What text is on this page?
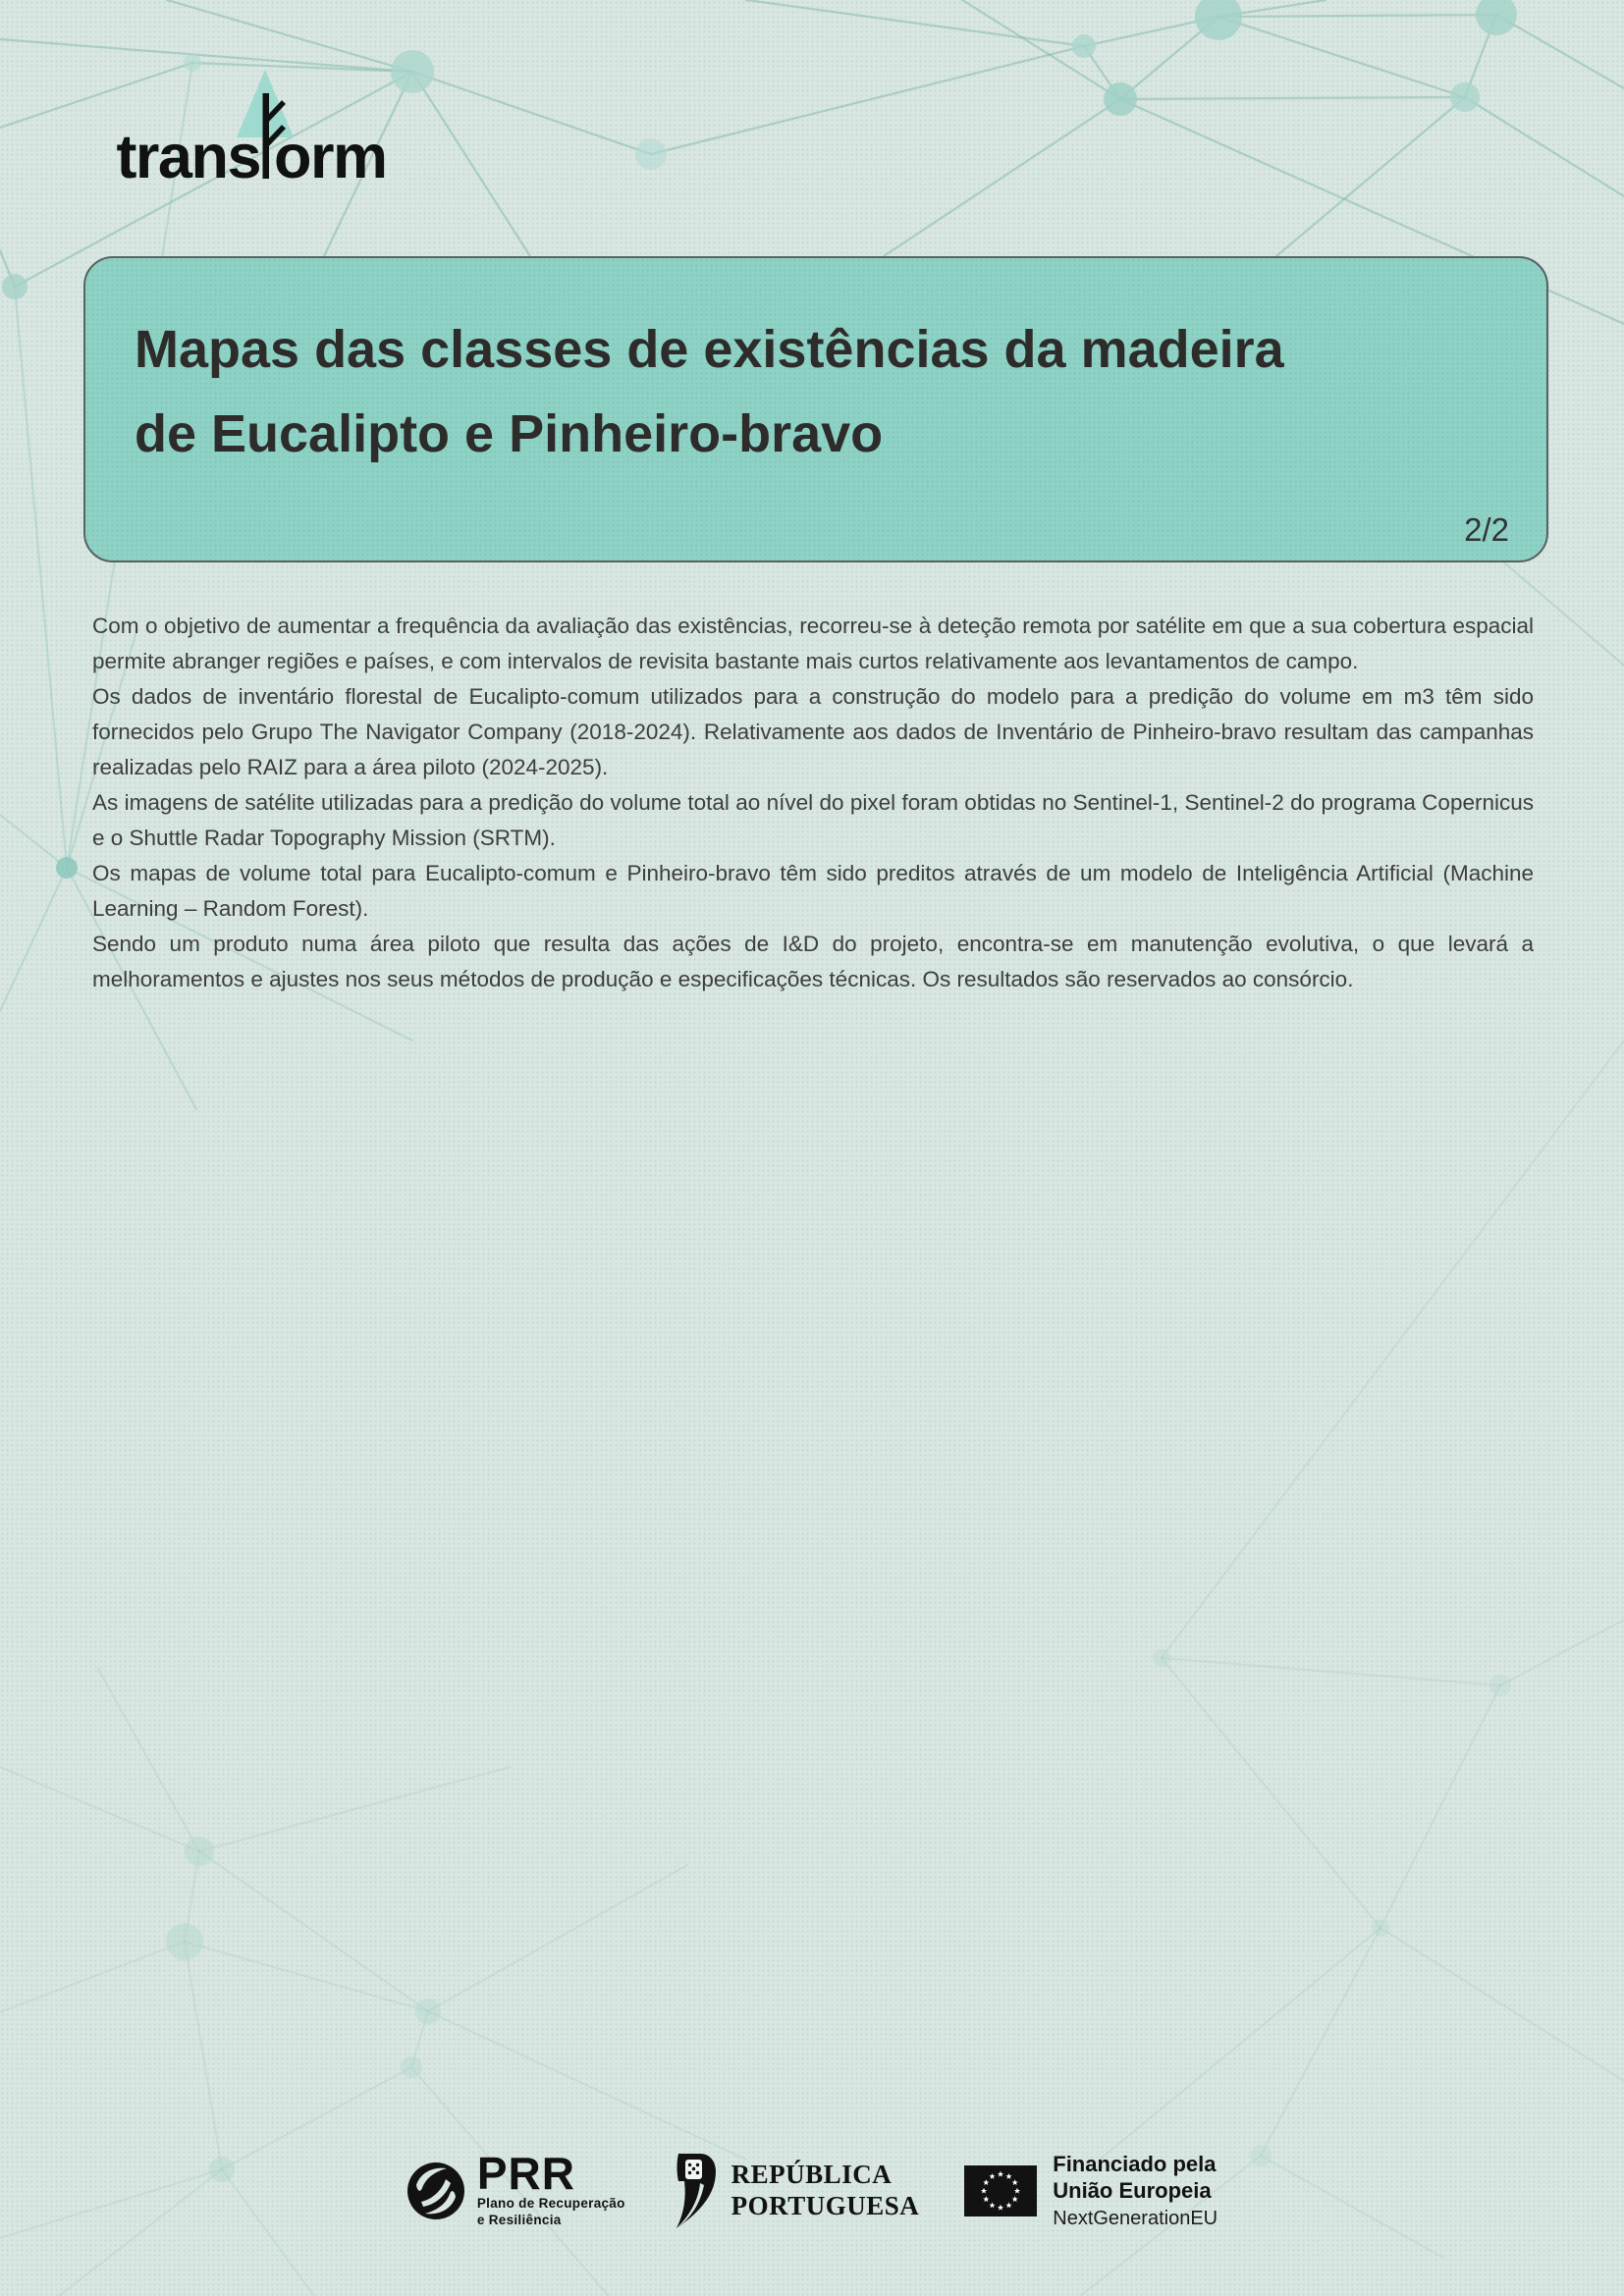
trans orm
Mapas das classes de existências da madeira
de Eucalipto e Pinheiro-bravo
2/2

Com o objetivo de aumentar a frequência da avaliação das existências, recorreu-se à deteção remota por satélite em que a sua cobertura espacial permite abranger regiões e países, e com intervalos de revisita bastante mais curtos relativamente aos levantamentos de campo.

Os dados de inventário florestal de Eucalipto-comum utilizados para a construção do modelo para a predição do volume em m3 têm sido fornecidos pelo Grupo The Navigator Company (2018-2024). Relativamente aos dados de Inventário de Pinheiro-bravo resultam das campanhas realizadas pelo RAIZ para a área piloto (2024-2025).

As imagens de satélite utilizadas para a predição do volume total ao nível do pixel foram obtidas no Sentinel-1, Sentinel-2 do programa Copernicus e o Shuttle Radar Topography Mission (SRTM).

Os mapas de volume total para Eucalipto-comum e Pinheiro-bravo têm sido preditos através de um modelo de Inteligência Artificial (Machine Learning – Random Forest).

Sendo um produto numa área piloto que resulta das ações de I&D do projeto, encontra-se em manutenção evolutiva, o que levará a melhoramentos e ajustes nos seus métodos de produção e especificações técnicas. Os resultados são reservados ao consórcio.

PRR
Plano de Recuperação
e Resiliência
REPÚBLICA
PORTUGUESA
Financiado pela
União Europeia
NextGenerationEU
